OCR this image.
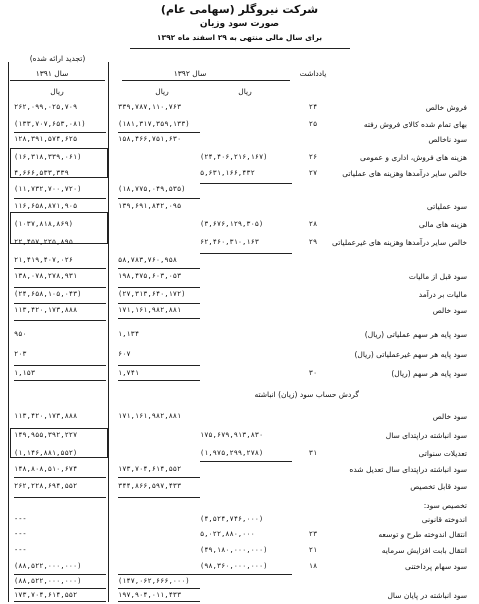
شرکت نیروگلر (سهامی عام)
صورت سود وزیان
برای سال مالی منتهی به ۲۹ اسفند ماه ۱۳۹۲
(تجدید ارائه شده)
یادداشت
سال ۱۳۹۲
سال ۱۳۹۱
ریال
ریال
ریال
فروش خالص
۲۴
۳۳۹,۷۸۷,۱۱۰,۷۶۳
۲۶۲,۰۹۹,۰۲۵,۷۰۹
بهای تمام شده کالای فروش رفته
۲۵
(۱۸۱,۳۱۷,۳۵۹,۱۳۳)
(۱۳۳,۷۰۷,۶۵۳,۰۸۱)
سود ناخالص
۱۵۸,۴۶۶,۷۵۱,۶۳۰
۱۲۸,۳۹۱,۵۷۴,۶۲۵
هزینه های فروش، اداری و عمومی
۲۶
(۲۴,۴۰۶,۲۱۶,۱۶۷)
(۱۶,۳۱۸,۳۳۹,۰۶۱)
خالص سایر درآمدها وهزینه های عملیاتی
۲۷
۵,۶۳۱,۱۶۶,۴۳۲
۴,۶۶۶,۵۳۳,۳۳۹
(۱۸,۷۷۵,۰۴۹,۵۳۵)
(۱۱,۷۳۲,۷۰۰,۷۲۰)
سود عملیاتی
۱۳۹,۶۹۱,۸۴۲,۰۹۵
۱۱۶,۶۵۸,۸۷۱,۹۰۵
هزینه های مالی
۲۸
(۳,۶۷۶,۱۲۹,۳۰۵)
(۱۰۳۷,۸۱۸,۸۶۹)
خالص سایر درآمدها وهزینه های غیرعملیاتی
۲۹
۶۲,۴۶۰,۳۱۰,۱۶۳
۲۲,۴۵۷,۲۲۵,۸۹۵
۵۸,۷۸۳,۷۶۰,۹۵۸
۲۱,۴۱۹,۴۰۷,۰۲۶
سود قبل از مالیات
۱۹۸,۴۷۵,۶۰۳,۰۵۳
۱۳۸,۰۷۸,۲۷۸,۹۳۱
مالیات بر درآمد
(۲۷,۳۱۳,۶۴۰,۱۷۲)
(۲۴,۶۵۸,۱۰۵,۰۴۳)
سود خالص
۱۷۱,۱۶۱,۹۸۲,۸۸۱
۱۱۳,۴۲۰,۱۷۳,۸۸۸
سود پایه هر سهم عملیاتی (ریال)
۱,۱۳۴
۹۵۰
سود پایه هر سهم غیرعملیاتی (ریال)
۶۰۷
۲۰۳
سود پایه هر سهم (ریال)
۳۰
۱,۷۴۱
۱,۱۵۳
گردش حساب سود (زیان) انباشته
سود خالص
۱۷۱,۱۶۱,۹۸۲,۸۸۱
۱۱۳,۴۲۰,۱۷۳,۸۸۸
سود انباشته دراپتدای سال
۱۷۵,۶۷۹,۹۱۳,۸۳۰
۱۴۹,۹۵۵,۳۹۲,۲۲۷
تعدیلات سنواتی
۳۱
(۱,۹۷۵,۲۹۹,۲۷۸)
(۱,۱۴۶,۸۸۱,۵۵۲)
سود انباشته دراپتدای سال تعدیل شده
۱۷۳,۷۰۴,۶۱۴,۵۵۲
۱۴۸,۸۰۸,۵۱۰,۶۷۴
سود قابل تخصیص
۳۴۴,۸۶۶,۵۹۷,۴۳۳
۲۶۲,۲۲۸,۶۹۴,۵۵۲
تخصیص سود:
اندوخته قانونی
(۴,۵۲۴,۷۴۶,۰۰۰)
---
انتقال اندوخته طرح و توسعه
۲۳
۵,۰۲۲,۸۸۰,۰۰۰
---
انتقال بابت افزایش سرمایه
۲۱
(۴۹,۱۸۰,۰۰۰,۰۰۰)
---
سود سهام پرداختنی
۱۸
(۹۸,۳۶۰,۰۰۰,۰۰۰)
(۸۸,۵۲۲,۰۰۰,۰۰۰)
(۱۴۷,۰۶۲,۶۶۶,۰۰۰)
(۸۸,۵۲۲,۰۰۰,۰۰۰)
سود انباشته در پایان سال
۱۹۷,۹۰۴,۰۱۱,۴۳۳
۱۷۳,۷۰۴,۶۱۴,۵۵۲
